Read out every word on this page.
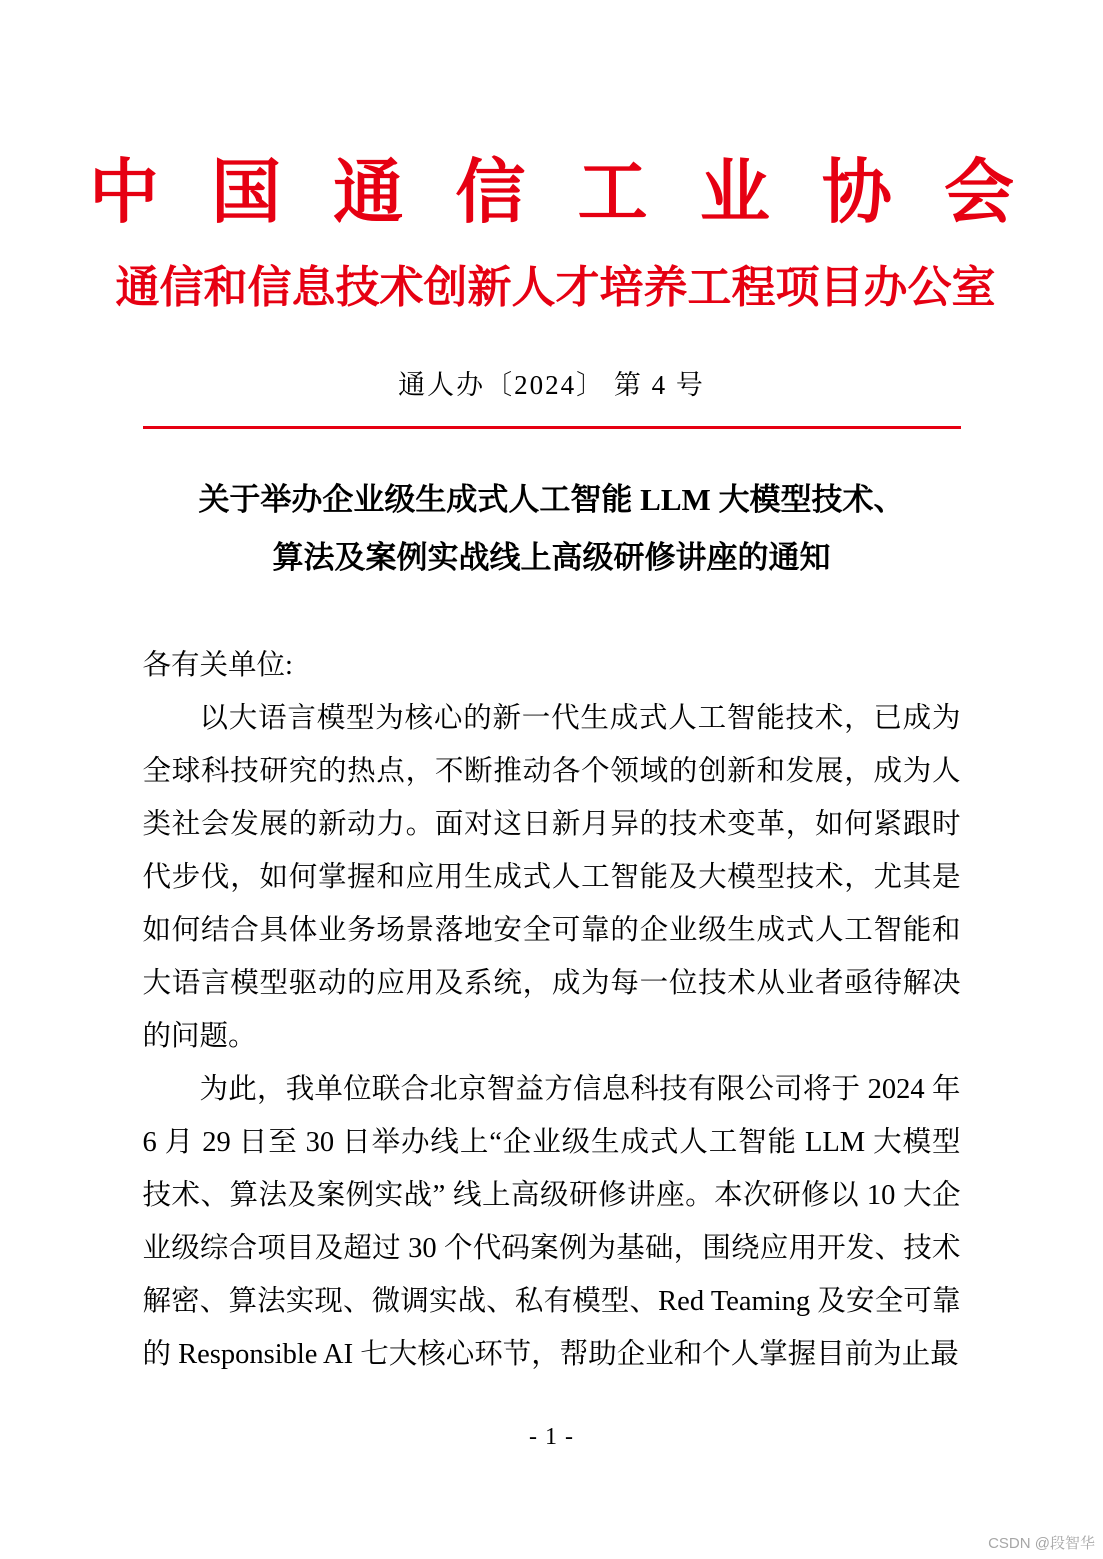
中国通信工业协会
通信和信息技术创新人才培养工程项目办公室
通人办〔2024〕 第 4 号
关于举办企业级生成式人工智能 LLM 大模型技术、
算法及案例实战线上高级研修讲座的通知

各有关单位:

以大语言模型为核心的新一代生成式人工智能技术，已成为全球科技研究的热点，不断推动各个领域的创新和发展，成为人类社会发展的新动力。面对这日新月异的技术变革，如何紧跟时代步伐，如何掌握和应用生成式人工智能及大模型技术，尤其是如何结合具体业务场景落地安全可靠的企业级生成式人工智能和大语言模型驱动的应用及系统，成为每一位技术从业者亟待解决的问题。

为此，我单位联合北京智益方信息科技有限公司将于 2024 年 6 月 29 日至 30 日举办线上“企业级生成式人工智能 LLM 大模型技术、算法及案例实战” 线上高级研修讲座。本次研修以 10 大企业级综合项目及超过 30 个代码案例为基础，围绕应用开发、技术解密、算法实现、微调实战、私有模型、Red Teaming 及安全可靠的 Responsible AI 七大核心环节，帮助企业和个人掌握目前为止最

- 1 -
CSDN @段智华
